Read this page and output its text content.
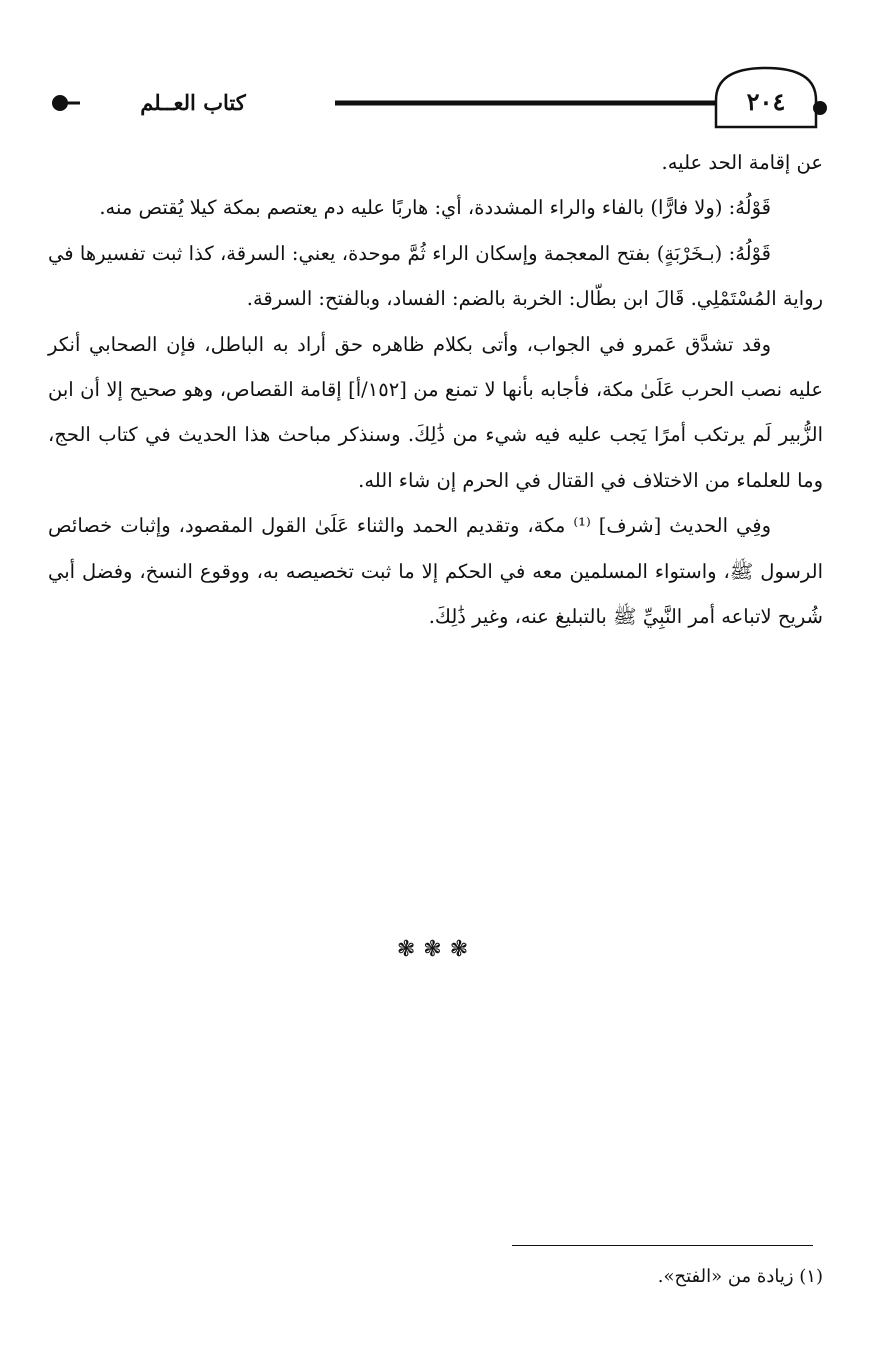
كتاب العــلم	٢٠٤

عن إقامة الحد عليه.

قَوْلُهُ: (ولا فارًّا) بالفاء والراء المشددة، أي: هاربًا عليه دم يعتصم بمكة كيلا يُقتص منه.

قَوْلُهُ: (بـخَرْبَةٍ) بفتح المعجمة وإسكان الراء ثُمَّ موحدة، يعني: السرقة، كذا ثبت تفسيرها في رواية المُسْتَمْلِي. قَالَ ابن بطّال: الخربة بالضم: الفساد، وبالفتح: السرقة.

وقد تشدَّق عَمرو في الجواب، وأتى بكلام ظاهره حق أراد به الباطل، فإن الصحابي أنكر عليه نصب الحرب عَلَىٰ مكة، فأجابه بأنها لا تمنع من [١٥٢/أ] إقامة القصاص، وهو صحيح إلا أن ابن الزُّبير لَم يرتكب أمرًا يَجب عليه فيه شيء من ذَٰلِكَ. وسنذكر مباحث هذا الحديث في كتاب الحج، وما للعلماء من الاختلاف في القتال في الحرم إن شاء الله.

وفِي الحديث [شرف] ⁽¹⁾ مكة، وتقديم الحمد والثناء عَلَىٰ القول المقصود، وإثبات خصائص الرسول ﷺ، واستواء المسلمين معه في الحكم إلا ما ثبت تخصيصه به، ووقوع النسخ، وفضل أبي شُريح لاتباعه أمر النَّبِيِّ ﷺ بالتبليغ عنه، وغير ذَٰلِكَ.

❃❃❃
(١) زيادة من «الفتح».
